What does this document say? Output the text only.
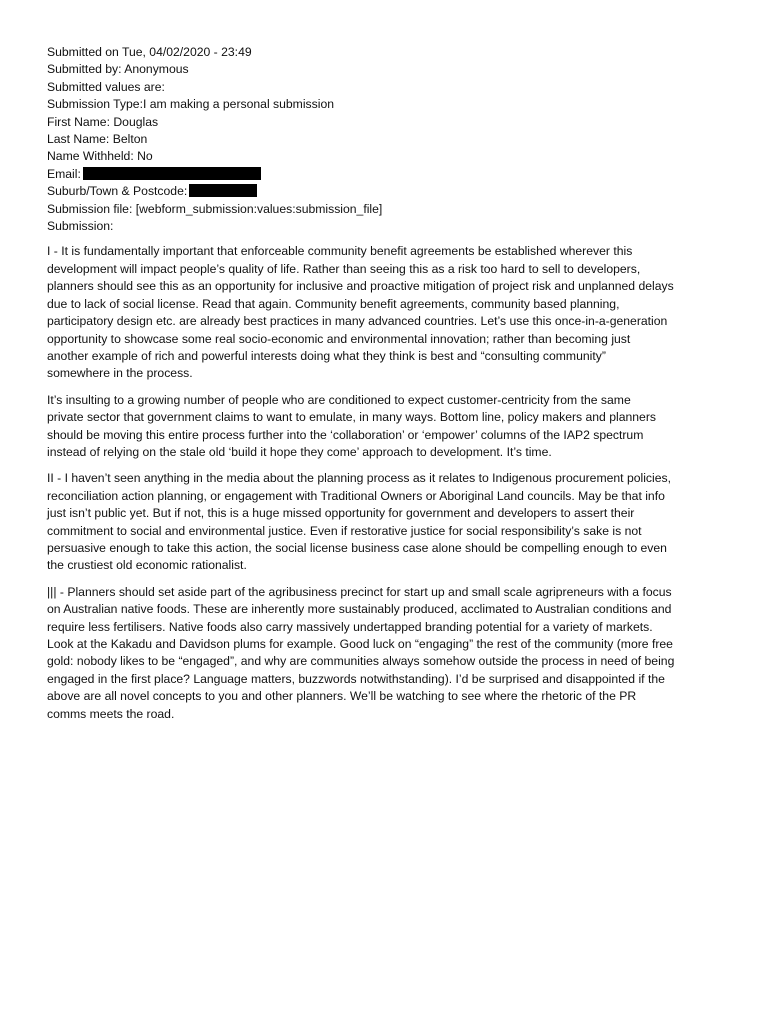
Submitted on Tue, 04/02/2020 - 23:49
Submitted by: Anonymous
Submitted values are:
Submission Type:I am making a personal submission
First Name: Douglas
Last Name: Belton
Name Withheld: No
Email:
Suburb/Town & Postcode:
Submission file: [webform_submission:values:submission_file]
Submission:

I - It is fundamentally important that enforceable community benefit agreements be established wherever this
development will impact people’s quality of life. Rather than seeing this as a risk too hard to sell to developers,
planners should see this as an opportunity for inclusive and proactive mitigation of project risk and unplanned delays
due to lack of social license. Read that again. Community benefit agreements, community based planning,
participatory design etc. are already best practices in many advanced countries. Let’s use this once-in-a-generation
opportunity to showcase some real socio-economic and environmental innovation; rather than becoming just
another example of rich and powerful interests doing what they think is best and “consulting community”
somewhere in the process.

It’s insulting to a growing number of people who are conditioned to expect customer-centricity from the same
private sector that government claims to want to emulate, in many ways. Bottom line, policy makers and planners
should be moving this entire process further into the ‘collaboration’ or ‘empower’ columns of the IAP2 spectrum
instead of relying on the stale old ‘build it hope they come’ approach to development. It’s time.

II - I haven’t seen anything in the media about the planning process as it relates to Indigenous procurement policies,
reconciliation action planning, or engagement with Traditional Owners or Aboriginal Land councils. May be that info
just isn’t public yet. But if not, this is a huge missed opportunity for government and developers to assert their
commitment to social and environmental justice. Even if restorative justice for social responsibility’s sake is not
persuasive enough to take this action, the social license business case alone should be compelling enough to even
the crustiest old economic rationalist.

||| - Planners should set aside part of the agribusiness precinct for start up and small scale agripreneurs with a focus
on Australian native foods. These are inherently more sustainably produced, acclimated to Australian conditions and
require less fertilisers. Native foods also carry massively undertapped branding potential for a variety of markets.
Look at the Kakadu and Davidson plums for example. Good luck on “engaging” the rest of the community (more free
gold: nobody likes to be “engaged”, and why are communities always somehow outside the process in need of being
engaged in the first place? Language matters, buzzwords notwithstanding). I’d be surprised and disappointed if the
above are all novel concepts to you and other planners. We’ll be watching to see where the rhetoric of the PR
comms meets the road.
